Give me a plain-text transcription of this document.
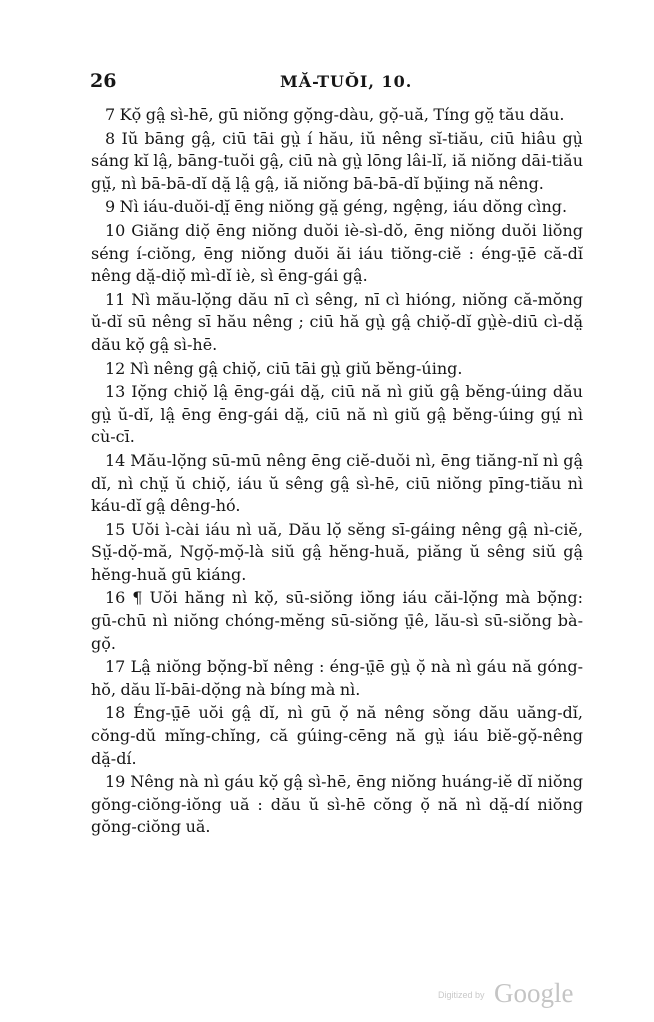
26	MĂ-TUŎI, 10.

7 Kọ̆ gâ̤ sì-hē, gū niŏng gọ̆ng-dàu, gọ̆-uă, Tíng gŏ̤ tău dău.

8 Iŭ bāng gâ̤, ciū tāi gṳ̀ í hău, iŭ nêng sĭ-tiău, ciū hiâu gṳ̀ sáng kĭ lâ̤, bāng-tuŏi gâ̤, ciū nà gṳ̀ lōng lâi-lĭ, iă niŏng dāi-tiău gṳ̆, nì bā-bā-dĭ dă̤ lâ̤ gâ̤, iă niŏng bā-bā-dĭ bṳ̆ing nă nêng.

9 Nì iáu-duŏi-dĭ̤ ēng niŏng gă̤ géng, ngệng, iáu dŏng cìng.

10 Giăng diọ̆ ēng niŏng duŏi iè-sì-dŏ, ēng niŏng duŏi liŏng séng í-ciŏng, ēng niŏng duŏi ăi iáu tiŏng-ciĕ : éng-ṳ̄ē că-dĭ nêng dă̤-diọ̆ mì-dĭ iè, sì ēng-gái gâ̤.

11 Nì mău-lọ̆ng dău nī cì sêng, nī cì hióng, niŏng că-mŏng ŭ-dĭ sū nêng sī hău nêng ; ciū hă gṳ̀ gâ̤ chiọ̆-dĭ gṳ̀è-diū cì-dă̤ dău kọ̆ gâ̤ sì-hē.

12 Nì nêng gâ̤ chiọ̆, ciū tāi gṳ̀ giŭ bĕng-úing.

13 Iọ̆ng chiọ̆ lâ̤ ēng-gái dă̤, ciū nă nì giŭ gâ̤ bĕng-úing dău gṳ̀ ŭ-dĭ, lâ̤ ēng ēng-gái dă̤, ciū nă nì giŭ gâ̤ bĕng-úing gṳ́ nì cù-cī.

14 Mău-lọ̆ng sū-mū nêng ēng ciĕ-duŏi nì, ēng tiăng-nĭ nì gâ̤ dĭ, nì chṳ̆ ŭ chiọ̆, iáu ŭ sêng gâ̤ sì-hē, ciū niŏng pīng-tiău nì káu-dĭ gâ̤ dêng-hó.

15 Uŏi ì-cài iáu nì uă, Dău lọ̆ sĕng sī-gáing nêng gâ̤ nì-ciĕ, Sṳ̆-dọ̆-mă, Ngọ̆-mọ̆-là siŭ gâ̤ hĕng-huă, piăng ŭ sêng siŭ gâ̤ hĕng-huă gū kiáng.

16 ¶ Uŏi hăng nì kọ̆, sū-siŏng iŏng iáu căi-lọ̆ng mà bọ̆ng: gū-chū nì niŏng chóng-mĕng sū-siŏng ṳ̄ê, lău-sì sū-siŏng bà-gọ̆.

17 Lâ̤ niŏng bọ̆ng-bĭ nêng : éng-ṳ̄ē gṳ̀ ọ̆ nà nì gáu nă góng-hŏ, dău lĭ-bāi-dọ̆ng nà bíng mà nì.

18 Éng-ṳ̄ē uŏi gâ̤ dĭ, nì gū ọ̆ nă nêng sŏng dău uăng-dĭ, cŏng-dŭ mĭng-chĭng, că gúing-cēng nă gṳ̀ iáu biĕ-gọ̆-nêng dă̤-dí.

19 Nêng nà nì gáu kọ̆ gâ̤ sì-hē, ēng niŏng huáng-iĕ dĭ niŏng gŏng-ciŏng-iŏng uă : dău ŭ sì-hē cŏng ọ̆ nă nì dă̤-dí niŏng gŏng-ciŏng uă.

Digitized by Google
